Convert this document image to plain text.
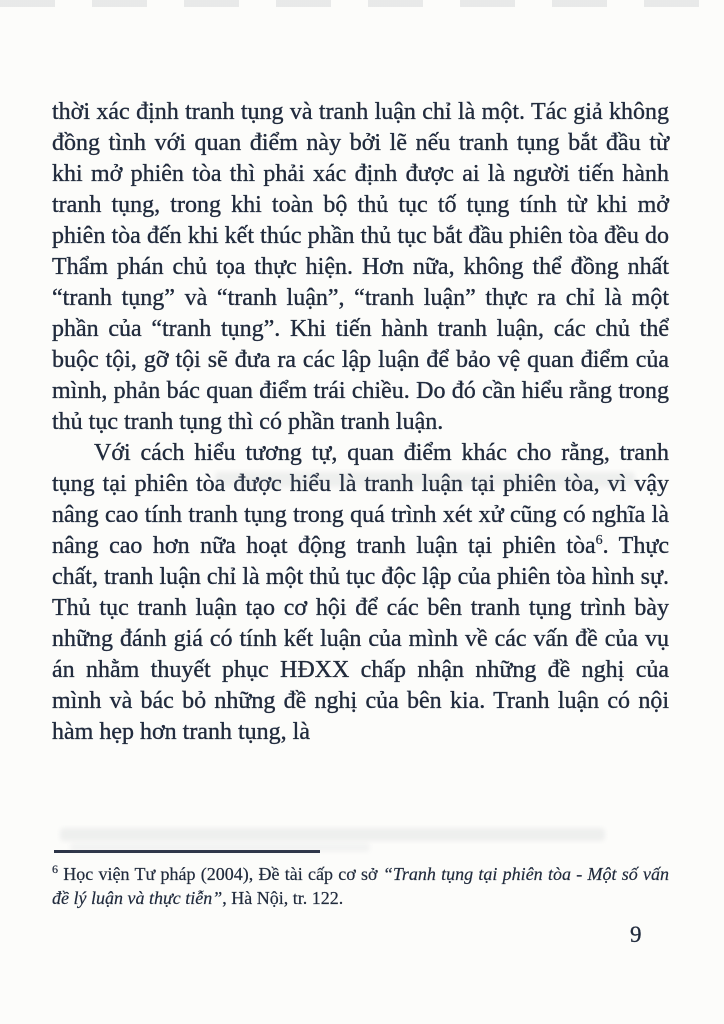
thời xác định tranh tụng và tranh luận chỉ là một. Tác giả không đồng tình với quan điểm này bởi lẽ nếu tranh tụng bắt đầu từ khi mở phiên tòa thì phải xác định được ai là người tiến hành tranh tụng, trong khi toàn bộ thủ tục tố tụng tính từ khi mở phiên tòa đến khi kết thúc phần thủ tục bắt đầu phiên tòa đều do Thẩm phán chủ tọa thực hiện. Hơn nữa, không thể đồng nhất “tranh tụng” và “tranh luận”, “tranh luận” thực ra chỉ là một phần của “tranh tụng”. Khi tiến hành tranh luận, các chủ thể buộc tội, gỡ tội sẽ đưa ra các lập luận để bảo vệ quan điểm của mình, phản bác quan điểm trái chiều. Do đó cần hiểu rằng trong thủ tục tranh tụng thì có phần tranh luận.

Với cách hiểu tương tự, quan điểm khác cho rằng, tranh tụng tại phiên tòa được hiểu là tranh luận tại phiên tòa, vì vậy nâng cao tính tranh tụng trong quá trình xét xử cũng có nghĩa là nâng cao hơn nữa hoạt động tranh luận tại phiên tòa$^6$. Thực chất, tranh luận chỉ là một thủ tục độc lập của phiên tòa hình sự. Thủ tục tranh luận tạo cơ hội để các bên tranh tụng trình bày những đánh giá có tính kết luận của mình về các vấn đề của vụ án nhằm thuyết phục HĐXX chấp nhận những đề nghị của mình và bác bỏ những đề nghị của bên kia. Tranh luận có nội hàm hẹp hơn tranh tụng, là

$^6$ Học viện Tư pháp (2004), Đề tài cấp cơ sở “Tranh tụng tại phiên tòa - Một số vấn đề lý luận và thực tiễn”, Hà Nội, tr. 122.

9
